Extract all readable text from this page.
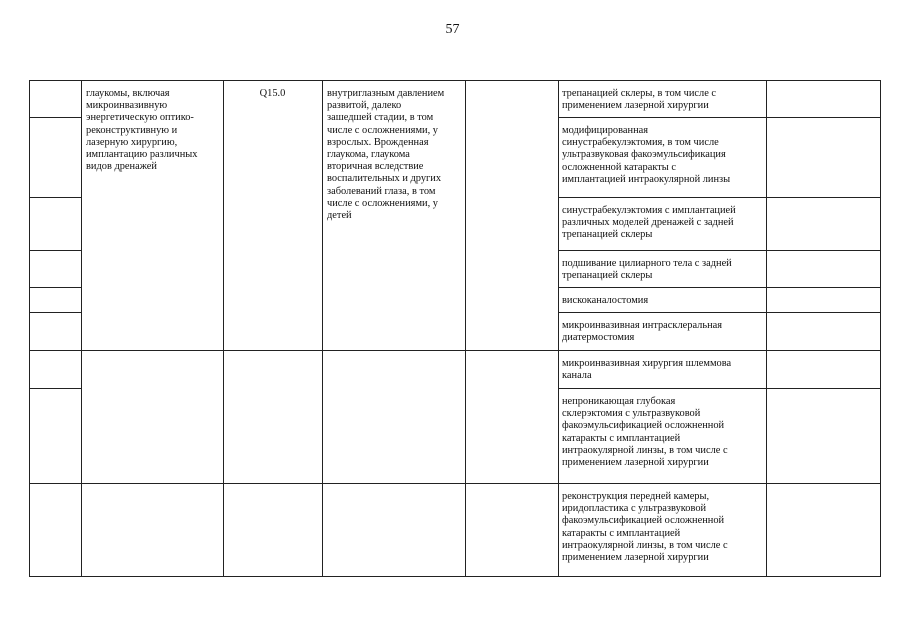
57
глаукомы, включая
микроинвазивную
энергетическую оптико-
реконструктивную и
лазерную хирургию,
имплантацию различных
видов дренажей
Q15.0	внутриглазным давлением
развитой, далеко
зашедшей стадии, в том
числе с осложнениями, у
взрослых. Врожденная
глаукома, глаукома
вторичная вследствие
воспалительных и других
заболеваний глаза, в том
числе с осложнениями, у
детей
трепанацией склеры, в том числе с
применением лазерной хирургии
модифицированная
синустрабекулэктомия, в том числе
ультразвуковая факоэмульсификация
осложненной катаракты с
имплантацией интраокулярной линзы
синустрабекулэктомия с имплантацией
различных моделей дренажей с задней
трепанацией склеры
подшивание цилиарного тела с задней
трепанацией склеры
вискоканалостомия
микроинвазивная интрасклеральная
диатермостомия
микроинвазивная хирургия шлеммова
канала
непроникающая глубокая
склерэктомия с ультразвуковой
факоэмульсификацией осложненной
катаракты с имплантацией
интраокулярной линзы, в том числе с
применением лазерной хирургии
реконструкция передней камеры,
иридопластика с ультразвуковой
факоэмульсификацией осложненной
катаракты с имплантацией
интраокулярной линзы, в том числе с
применением лазерной хирургии
